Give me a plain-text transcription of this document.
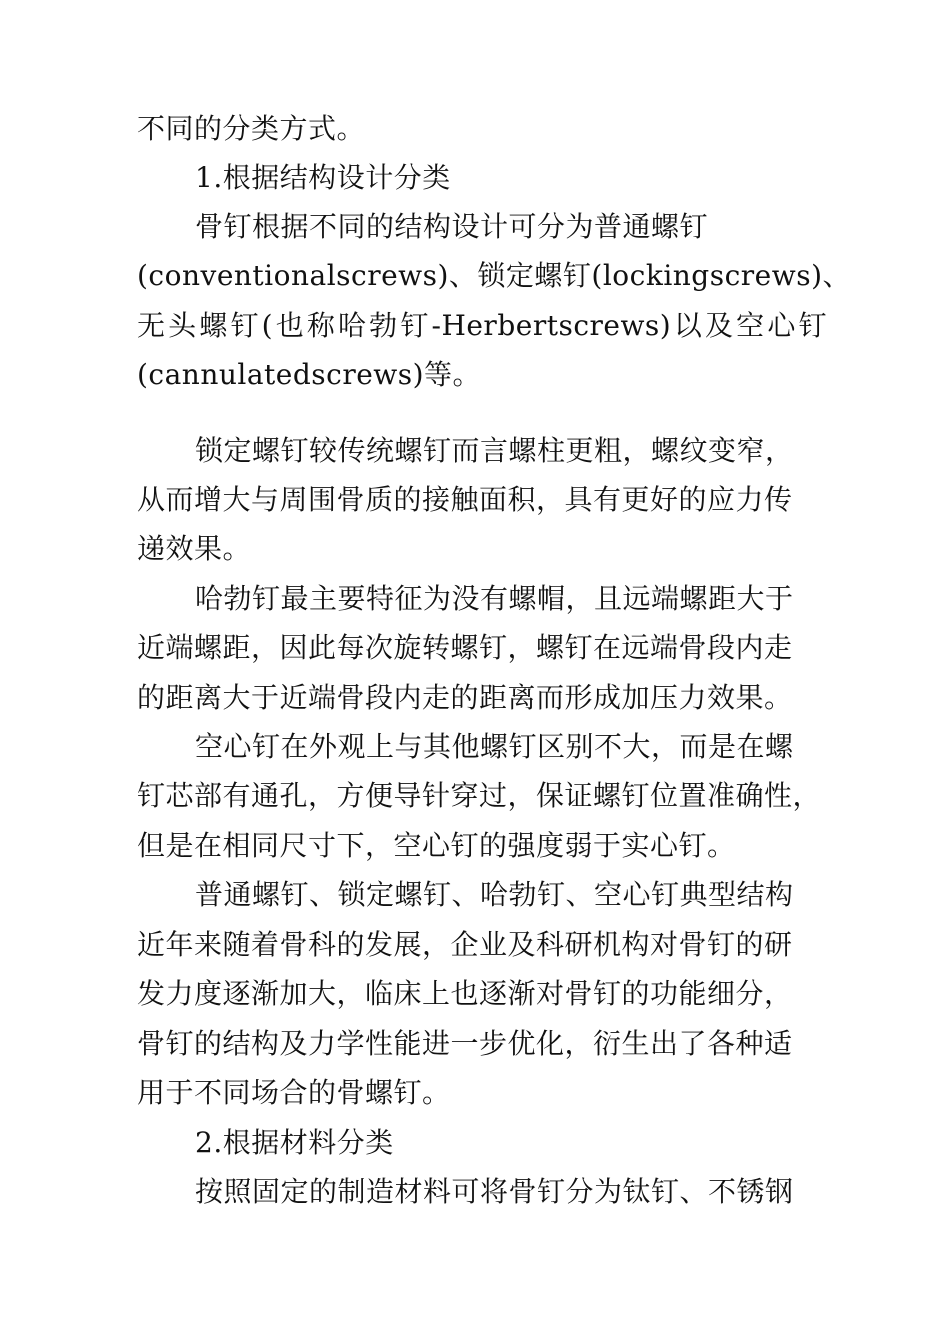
不同的分类方式。
1.根据结构设计分类
骨钉根据不同的结构设计可分为普通螺钉
(conventionalscrews)、锁定螺钉(lockingscrews)、
无头螺钉(也称哈勃钉-Herbertscrews)以及空心钉
(cannulatedscrews)等。
锁定螺钉较传统螺钉而言螺柱更粗，螺纹变窄，
从而增大与周围骨质的接触面积，具有更好的应力传
递效果。
哈勃钉最主要特征为没有螺帽，且远端螺距大于
近端螺距，因此每次旋转螺钉，螺钉在远端骨段内走
的距离大于近端骨段内走的距离而形成加压力效果。
空心钉在外观上与其他螺钉区别不大，而是在螺
钉芯部有通孔，方便导针穿过，保证螺钉位置准确性，
但是在相同尺寸下，空心钉的强度弱于实心钉。
普通螺钉、锁定螺钉、哈勃钉、空心钉典型结构
近年来随着骨科的发展，企业及科研机构对骨钉的研
发力度逐渐加大，临床上也逐渐对骨钉的功能细分，
骨钉的结构及力学性能进一步优化，衍生出了各种适
用于不同场合的骨螺钉。
2.根据材料分类
按照固定的制造材料可将骨钉分为钛钉、不锈钢
